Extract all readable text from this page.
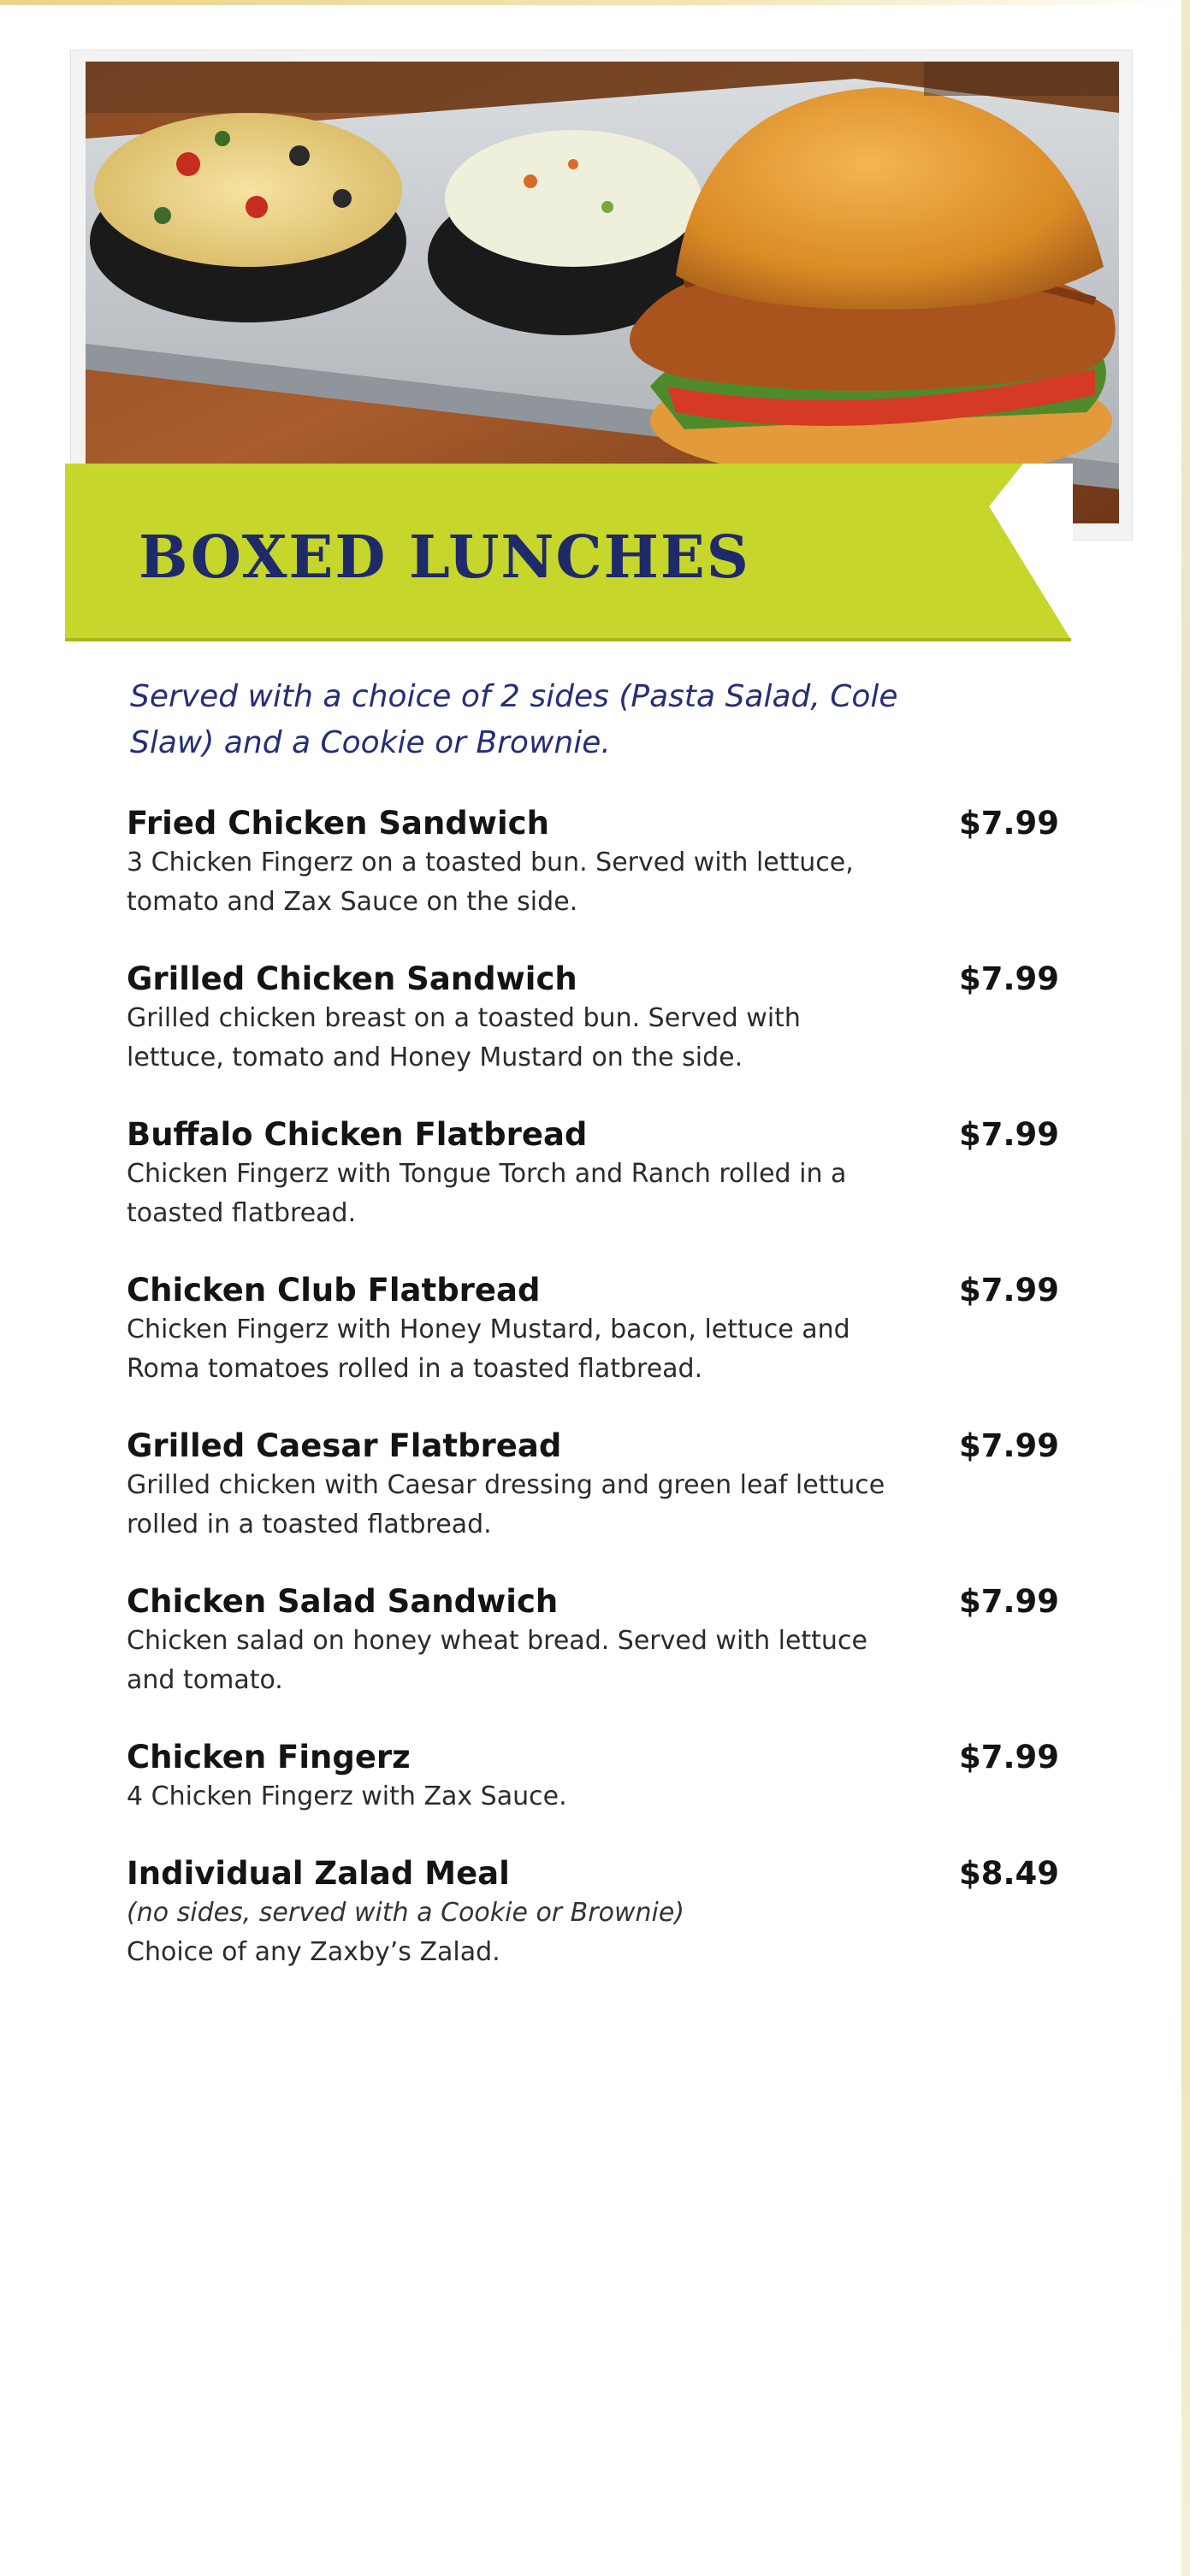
BOXED LUNCHES

Served with a choice of 2 sides (Pasta Salad, Cole Slaw) and a Cookie or Brownie.

Fried Chicken Sandwich	$7.99
3 Chicken Fingerz on a toasted bun. Served with lettuce, tomato and Zax Sauce on the side.
Grilled Chicken Sandwich	$7.99
Grilled chicken breast on a toasted bun. Served with lettuce, tomato and Honey Mustard on the side.
Buffalo Chicken Flatbread	$7.99
Chicken Fingerz with Tongue Torch and Ranch rolled in a toasted flatbread.
Chicken Club Flatbread	$7.99
Chicken Fingerz with Honey Mustard, bacon, lettuce and Roma tomatoes rolled in a toasted flatbread.
Grilled Caesar Flatbread	$7.99
Grilled chicken with Caesar dressing and green leaf lettuce rolled in a toasted flatbread.
Chicken Salad Sandwich	$7.99
Chicken salad on honey wheat bread. Served with lettuce and tomato.
Chicken Fingerz	$7.99
4 Chicken Fingerz with Zax Sauce.
Individual Zalad Meal	$8.49
(no sides, served with a Cookie or Brownie)
Choice of any Zaxby’s Zalad.
